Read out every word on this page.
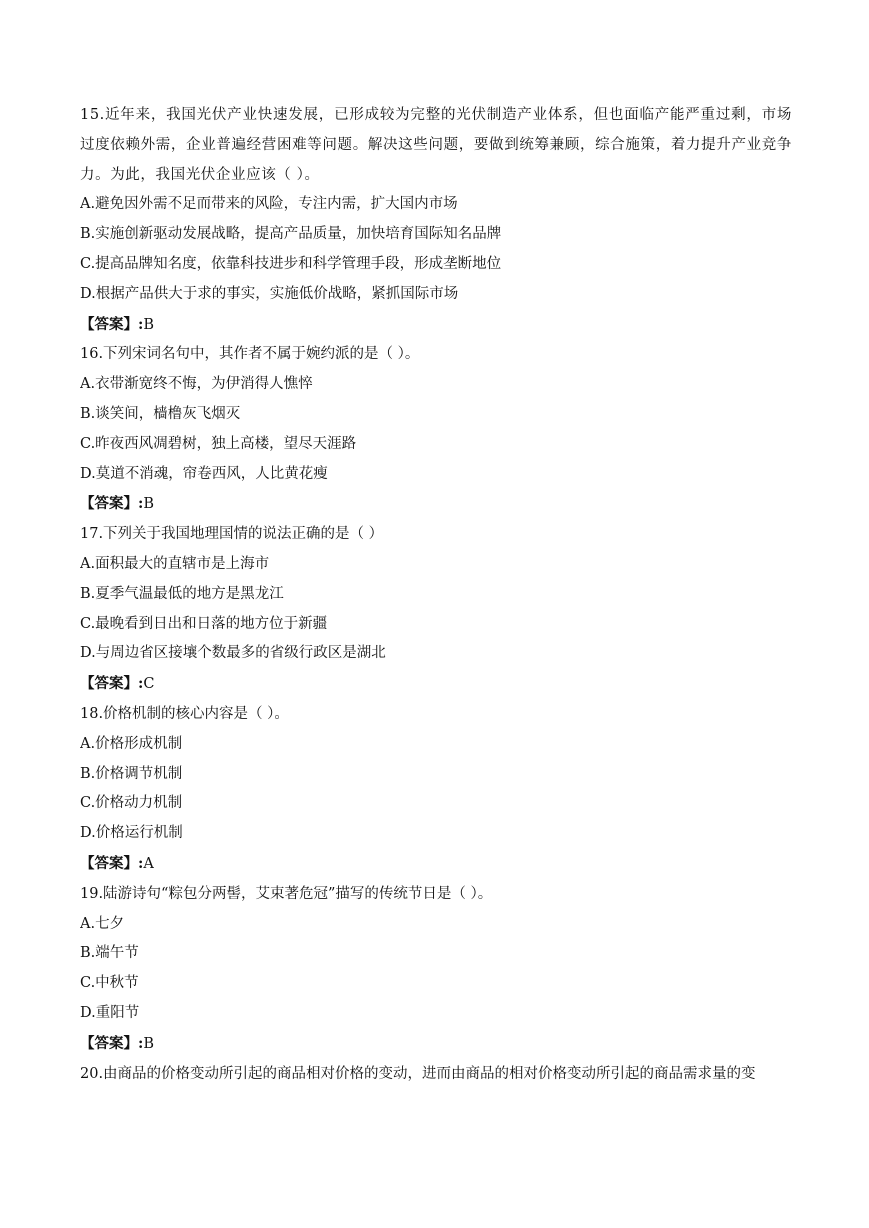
15.近年来，我国光伏产业快速发展，已形成较为完整的光伏制造产业体系，但也面临产能严重过剩，市场过度依赖外需，企业普遍经营困难等问题。解决这些问题，要做到统筹兼顾，综合施策，着力提升产业竞争力。为此，我国光伏企业应该（ ）。
A.避免因外需不足而带来的风险，专注内需，扩大国内市场
B.实施创新驱动发展战略，提高产品质量，加快培育国际知名品牌
C.提高品牌知名度，依靠科技进步和科学管理手段，形成垄断地位
D.根据产品供大于求的事实，实施低价战略，紧抓国际市场
【答案】:B
16.下列宋词名句中，其作者不属于婉约派的是（ ）。
A.衣带渐宽终不悔，为伊消得人憔悴
B.谈笑间，樯橹灰飞烟灭
C.昨夜西风凋碧树，独上高楼，望尽天涯路
D.莫道不消魂，帘卷西风，人比黄花瘦
【答案】:B
17.下列关于我国地理国情的说法正确的是（ ）
A.面积最大的直辖市是上海市
B.夏季气温最低的地方是黑龙江
C.最晚看到日出和日落的地方位于新疆
D.与周边省区接壤个数最多的省级行政区是湖北
【答案】:C
18.价格机制的核心内容是（ ）。
A.价格形成机制
B.价格调节机制
C.价格动力机制
D.价格运行机制
【答案】:A
19.陆游诗句“粽包分两髻，艾束著危冠”描写的传统节日是（ ）。
A.七夕
B.端午节
C.中秋节
D.重阳节
【答案】:B
20.由商品的价格变动所引起的商品相对价格的变动，进而由商品的相对价格变动所引起的商品需求量的变
